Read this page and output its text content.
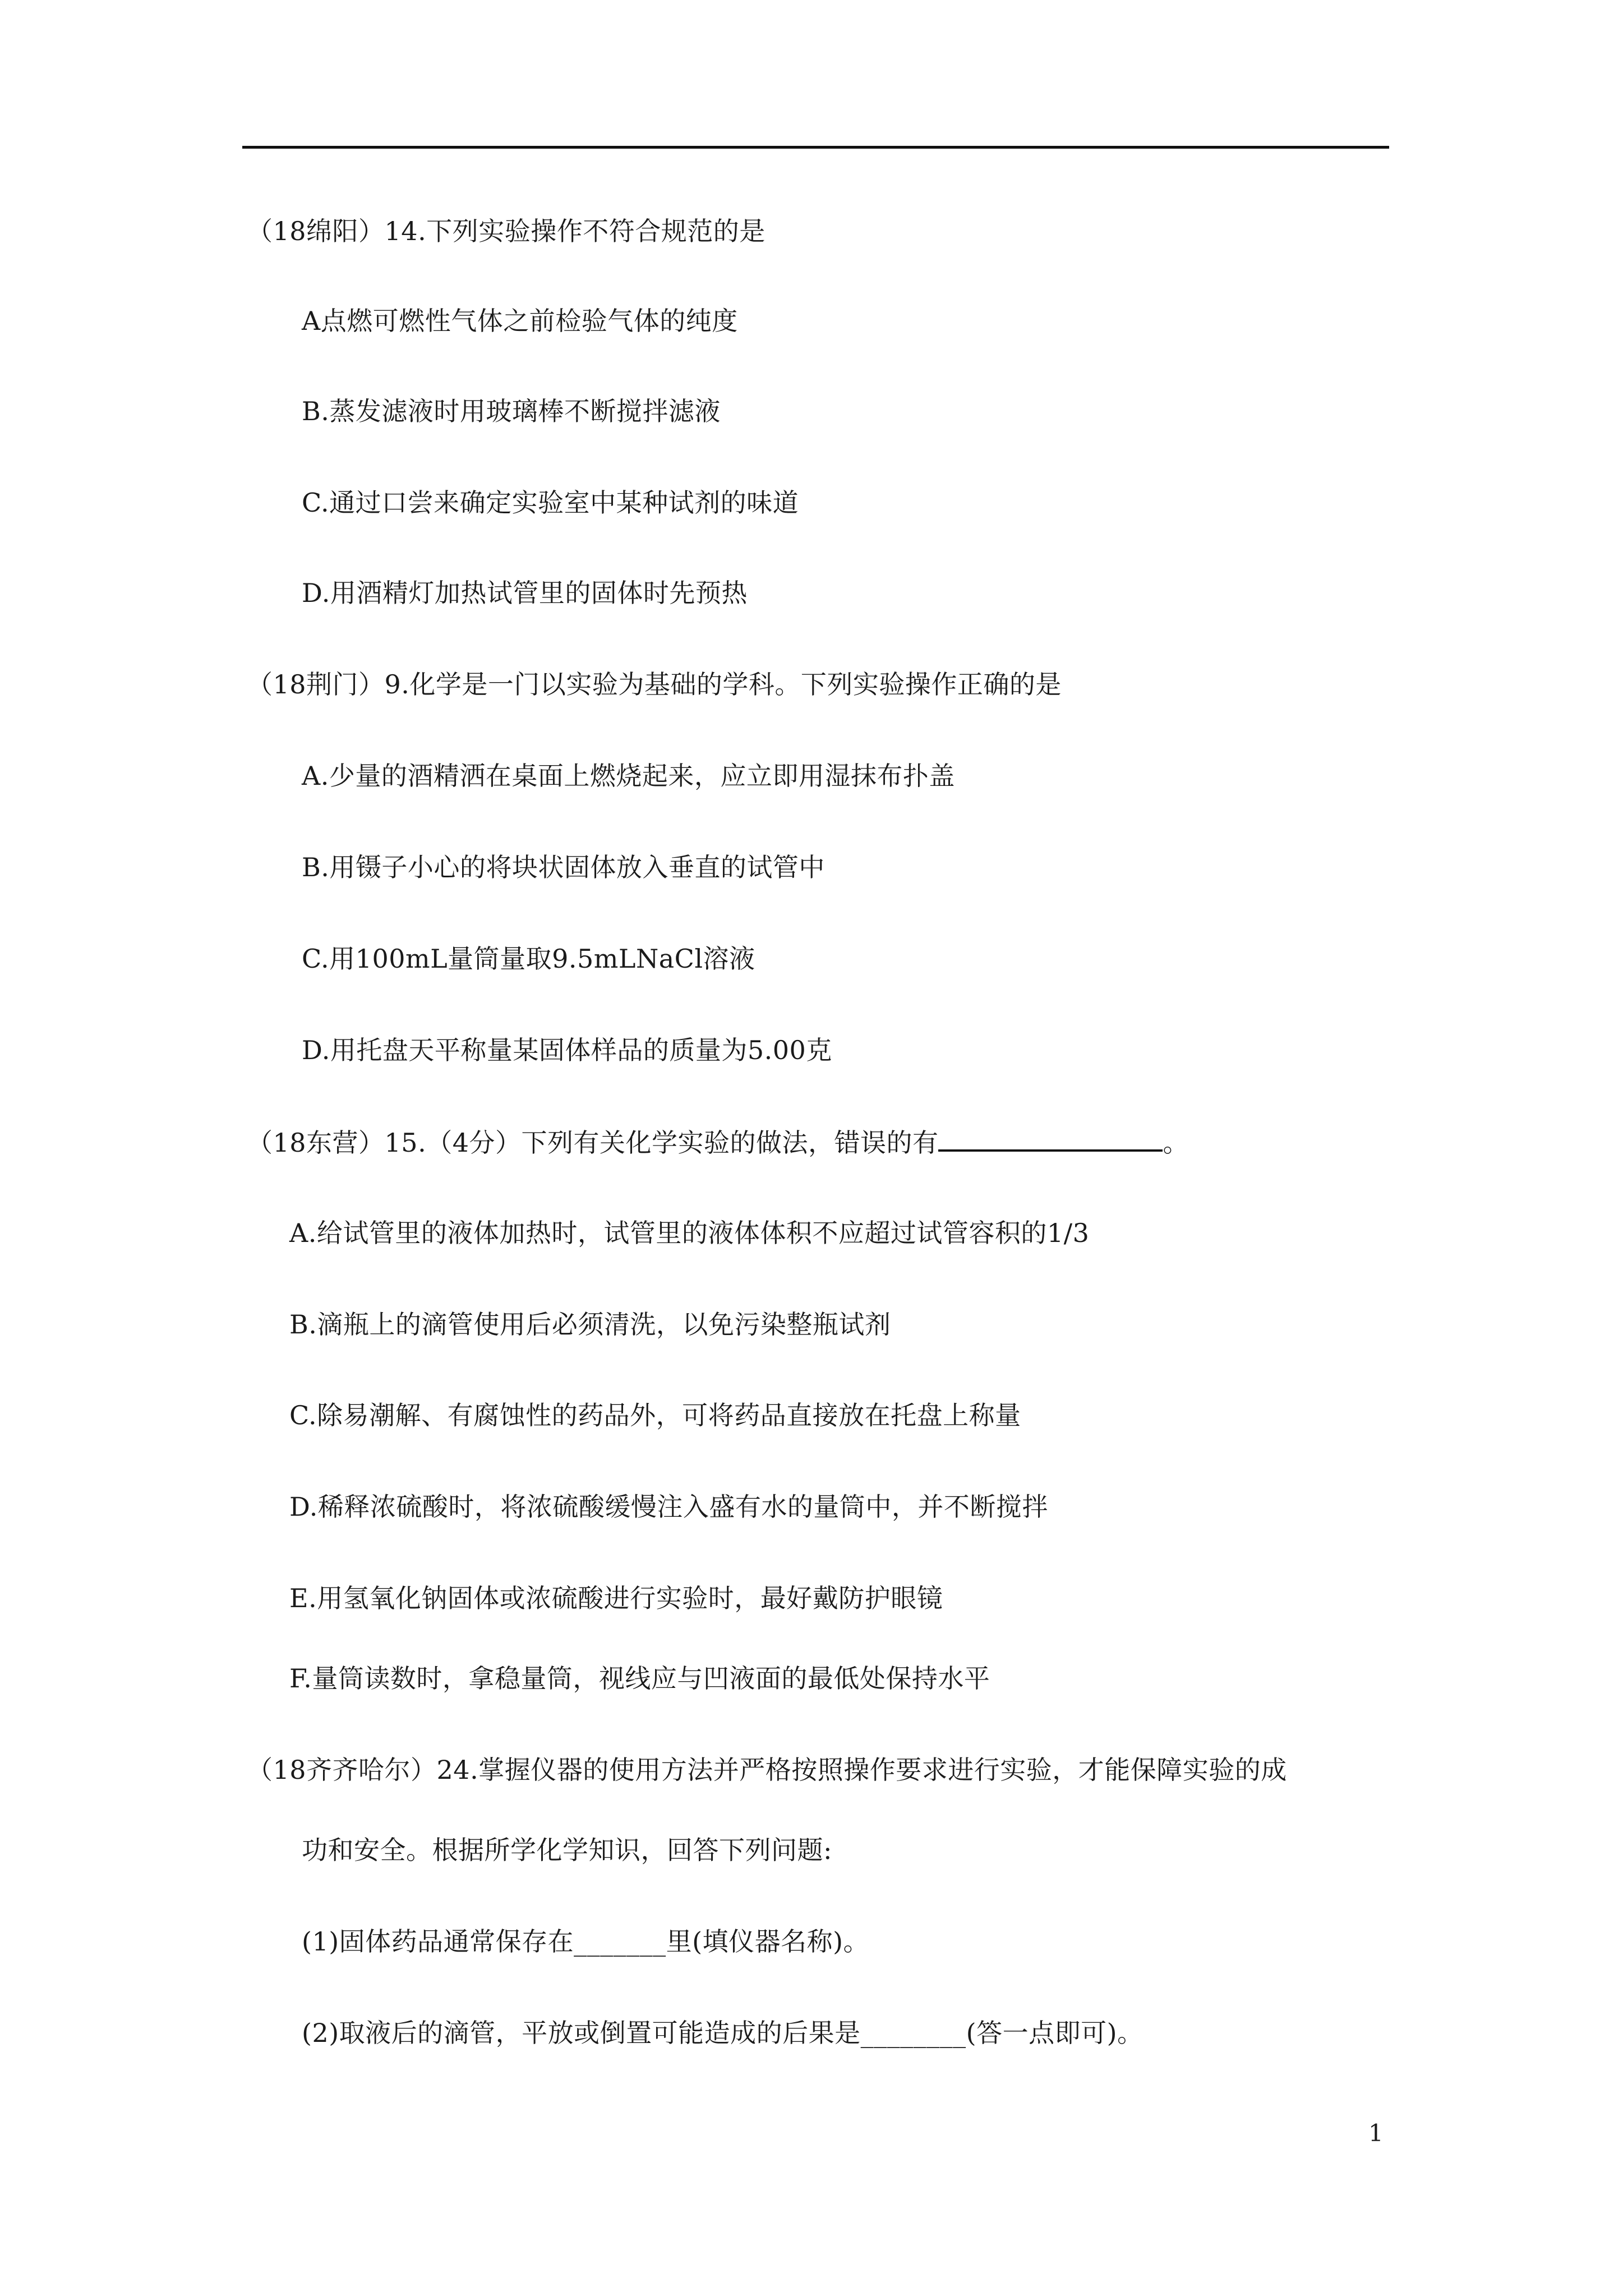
（18绵阳）14.下列实验操作不符合规范的是
A点燃可燃性气体之前检验气体的纯度
B.蒸发滤液时用玻璃棒不断搅拌滤液
C.通过口尝来确定实验室中某种试剂的味道
D.用酒精灯加热试管里的固体时先预热
（18荆门）9.化学是一门以实验为基础的学科。下列实验操作正确的是
A.少量的酒精洒在桌面上燃烧起来，应立即用湿抹布扑盖
B.用镊子小心的将块状固体放入垂直的试管中
C.用100mL量筒量取9.5mLNaCl溶液
D.用托盘天平称量某固体样品的质量为5.00克
（18东营）15.（4分）下列有关化学实验的做法，错误的有	。
A.给试管里的液体加热时，试管里的液体体积不应超过试管容积的1/3
B.滴瓶上的滴管使用后必须清洗，以免污染整瓶试剂
C.除易潮解、有腐蚀性的药品外，可将药品直接放在托盘上称量
D.稀释浓硫酸时，将浓硫酸缓慢注入盛有水的量筒中，并不断搅拌
E.用氢氧化钠固体或浓硫酸进行实验时，最好戴防护眼镜
F.量筒读数时，拿稳量筒，视线应与凹液面的最低处保持水平
（18齐齐哈尔）24.掌握仪器的使用方法并严格按照操作要求进行实验，才能保障实验的成
功和安全。根据所学化学知识，回答下列问题:
(1)固体药品通常保存在_______里(填仪器名称)。
(2)取液后的滴管，平放或倒置可能造成的后果是________(答一点即可)。
1
